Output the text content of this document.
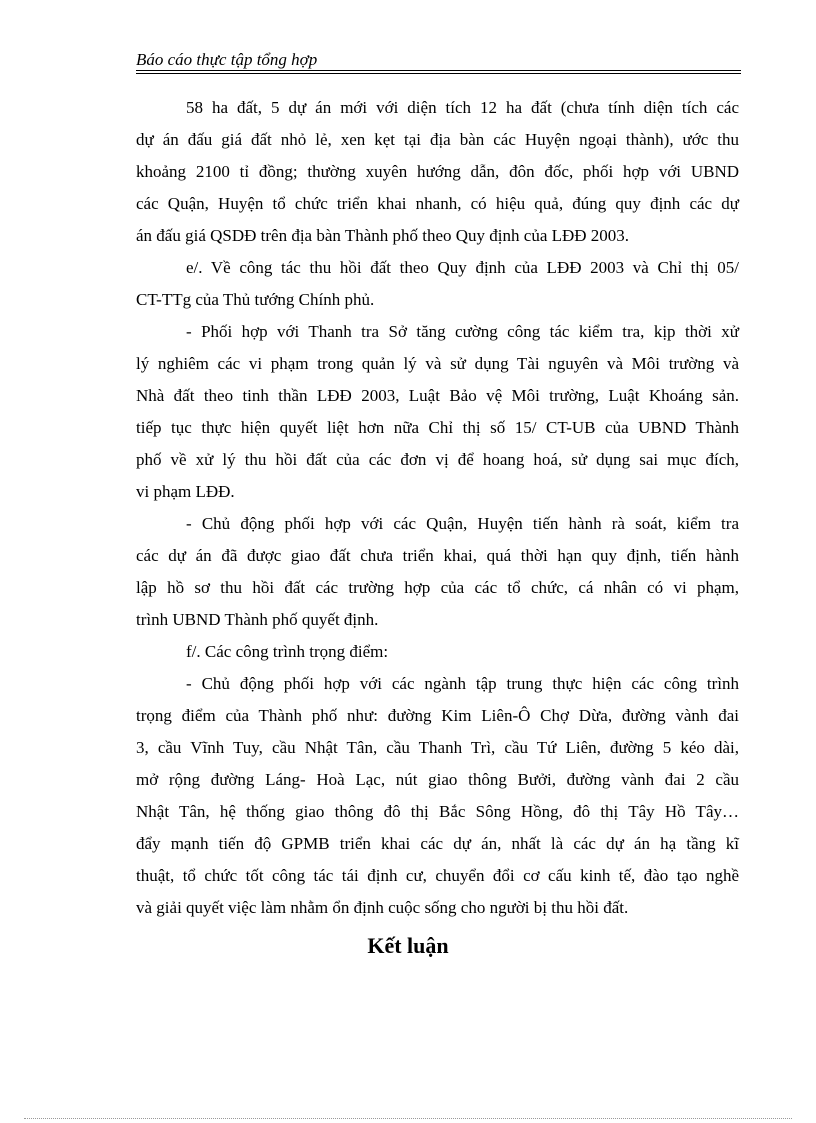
Báo cáo thực tập tổng hợp
58 ha đất, 5 dự án mới với diện tích 12 ha đất (chưa tính diện tích các
dự án đấu giá đất nhỏ lẻ, xen kẹt tại địa bàn các Huyện ngoại thành), ước thu
khoảng 2100 tỉ đồng; thường xuyên hướng dẫn, đôn đốc, phối hợp với UBND
các Quận, Huyện tổ chức triển khai nhanh, có hiệu quả, đúng quy định các dự
án đấu giá QSDĐ trên địa bàn Thành phố theo Quy định của LĐĐ 2003.
e/. Về công tác thu hồi đất theo Quy định của LĐĐ 2003 và Chỉ thị 05/
CT-TTg của Thủ tướng Chính phủ.
- Phối hợp với Thanh tra Sở tăng cường công tác kiểm tra, kịp thời xử
lý nghiêm các vi phạm trong quản lý và sử dụng Tài nguyên và Môi trường và
Nhà đất theo tinh thần LĐĐ 2003, Luật Bảo vệ Môi trường, Luật Khoáng sản.
tiếp tục thực hiện quyết liệt hơn nữa Chỉ thị số 15/ CT-UB của UBND Thành
phố về xử lý thu hồi đất của các đơn vị để hoang hoá, sử dụng sai mục đích,
vi phạm LĐĐ.
- Chủ động phối hợp với các Quận, Huyện tiến hành rà soát, kiểm tra
các dự án đã được giao đất chưa triển khai, quá thời hạn quy định, tiến hành
lập hồ sơ thu hồi đất các trường hợp của các tổ chức, cá nhân có vi phạm,
trình UBND Thành phố quyết định.
f/. Các công trình trọng điểm:
- Chủ động phối hợp với các ngành tập trung thực hiện các công trình
trọng điểm của Thành phố như: đường Kim Liên-Ô Chợ Dừa, đường vành đai
3, cầu Vĩnh Tuy, cầu Nhật Tân, cầu Thanh Trì, cầu Tứ Liên, đường 5 kéo dài,
mở rộng đường Láng- Hoà Lạc, nút giao thông Bưởi, đường vành đai 2 cầu
Nhật Tân, hệ thống giao thông đô thị Bắc Sông Hồng, đô thị Tây Hồ Tây…
đẩy mạnh tiến độ GPMB triển khai các dự án, nhất là các dự án hạ tầng kĩ
thuật, tổ chức tốt công tác tái định cư, chuyển đổi cơ cấu kinh tế, đào tạo nghề
và giải quyết việc làm nhằm ổn định cuộc sống cho người bị thu hồi đất.
Kết luận
